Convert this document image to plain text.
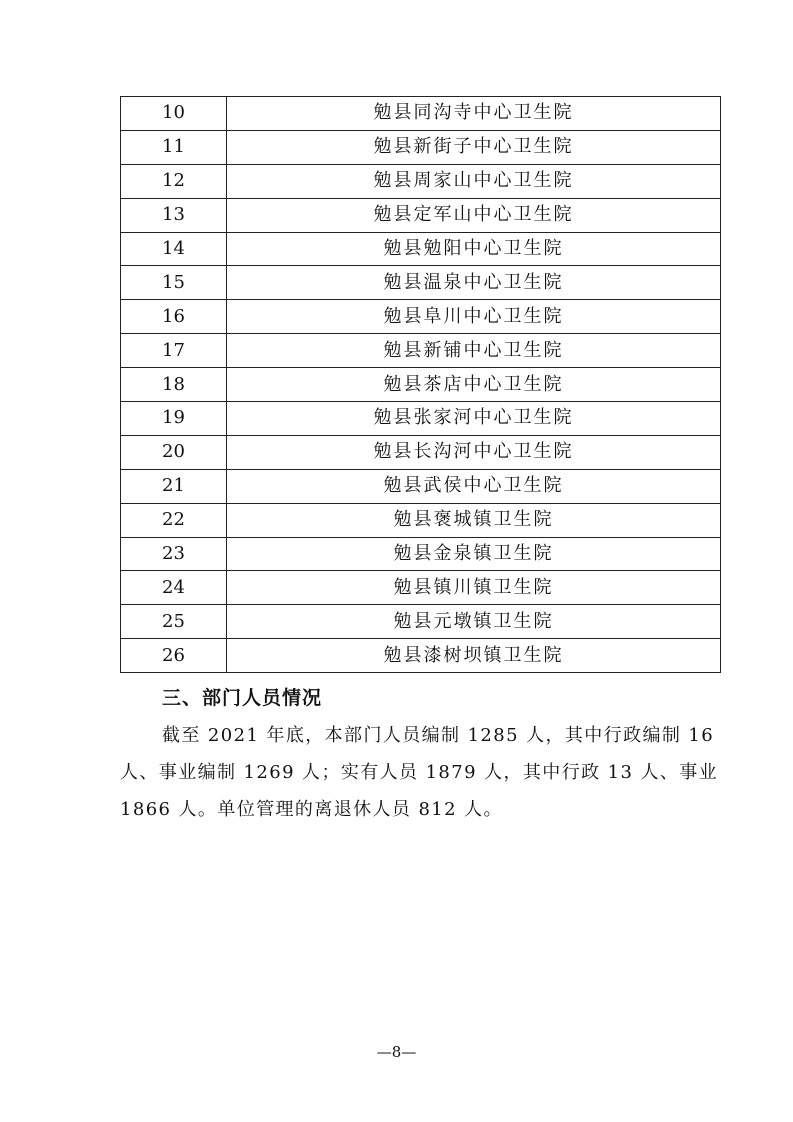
10	勉县同沟寺中心卫生院
11	勉县新街子中心卫生院
12	勉县周家山中心卫生院
13	勉县定军山中心卫生院
14	勉县勉阳中心卫生院
15	勉县温泉中心卫生院
16	勉县阜川中心卫生院
17	勉县新铺中心卫生院
18	勉县茶店中心卫生院
19	勉县张家河中心卫生院
20	勉县长沟河中心卫生院
21	勉县武侯中心卫生院
22	勉县褒城镇卫生院
23	勉县金泉镇卫生院
24	勉县镇川镇卫生院
25	勉县元墩镇卫生院
26	勉县漆树坝镇卫生院
三、部门人员情况

截至 2021 年底，本部门人员编制 1285 人，其中行政编制 16 人、事业编制 1269 人；实有人员 1879 人，其中行政 13 人、事业 1866 人。单位管理的离退休人员 812 人。

—8—
